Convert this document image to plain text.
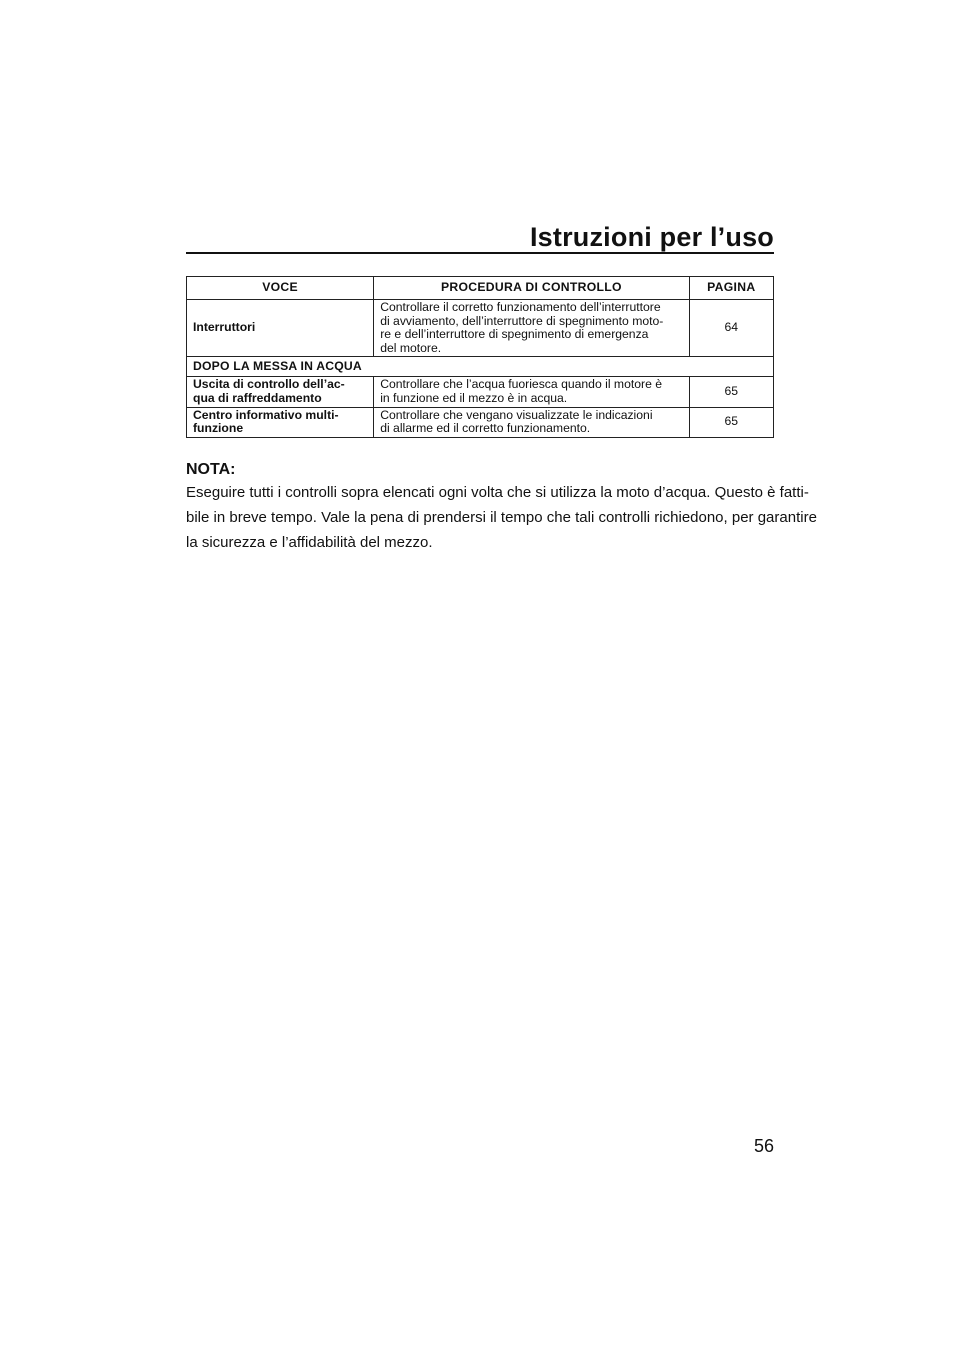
Istruzioni per l’uso
VOCE	PROCEDURA DI CONTROLLO	PAGINA
Interruttori	Controllare il corretto funzionamento dell’interruttore
di avviamento, dell’interruttore di spegnimento moto-
re e dell’interruttore di spegnimento di emergenza
del motore.	64
DOPO LA MESSA IN ACQUA		

Uscita di controllo dell’ac-
qua di raffreddamento	Controllare che l’acqua fuoriesca quando il motore è
in funzione ed il mezzo è in acqua.	65

Centro informativo multi-
funzione	Controllare che vengano visualizzate le indicazioni
di allarme ed il corretto funzionamento.	65
NOTA:
Eseguire tutti i controlli sopra elencati ogni volta che si utilizza la moto d’acqua. Questo è fatti-
bile in breve tempo. Vale la pena di prendersi il tempo che tali controlli richiedono, per garantire
la sicurezza e l’affidabilità del mezzo.
56
